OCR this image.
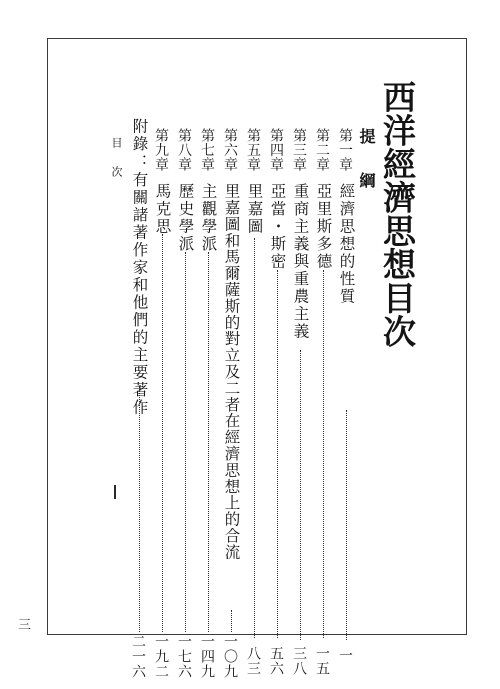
西洋經濟思想目次
提　綱
第一章
經濟思想的性質
一
第二章
亞里斯多德
一五
第三章
重商主義與重農主義
三八
第四章
亞當・斯密
五六
第五章
里嘉圖
八三
第六章
里嘉圖和馬爾薩斯的對立及二者在經濟思想上的合流
一〇九
第七章
主觀學派
一四九
第八章
歷史學派
一七六
第九章
馬克思
一九二
附錄
：有關諸著作家和他們的主要著作
二一六
目次
三
